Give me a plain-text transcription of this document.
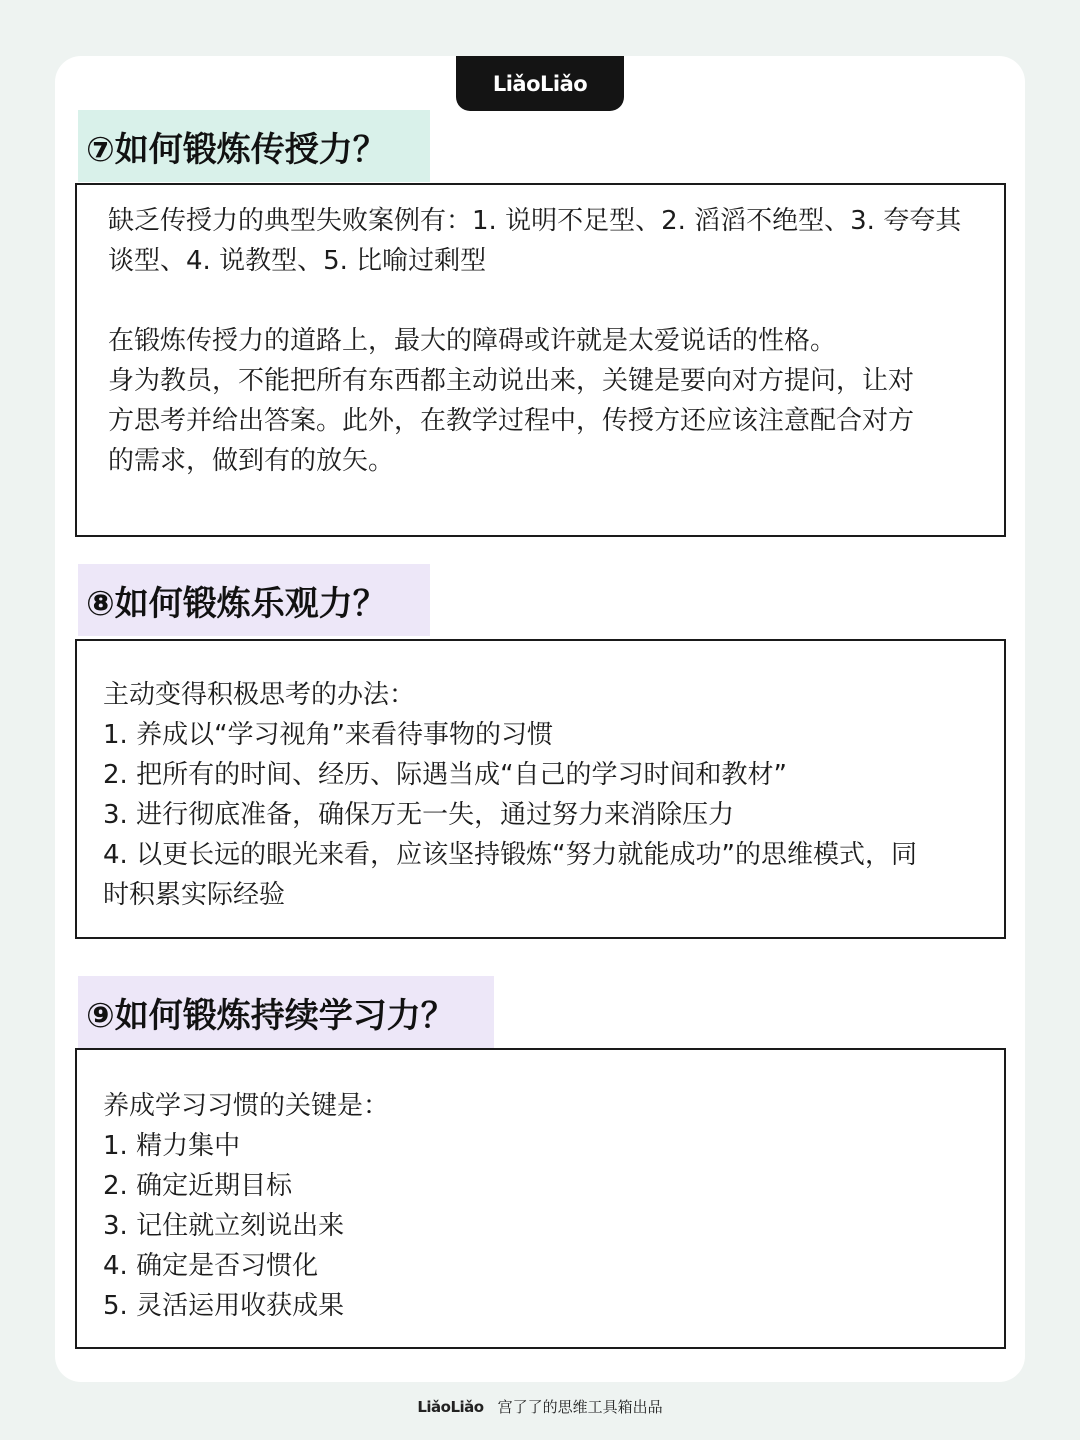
LiǎoLiǎo
⑦如何锻炼传授力？

缺乏传授力的典型失败案例有：1. 说明不足型、2. 滔滔不绝型、3. 夸夸其

谈型、4. 说教型、5. 比喻过剩型

在锻炼传授力的道路上，最大的障碍或许就是太爱说话的性格。

身为教员，不能把所有东西都主动说出来，关键是要向对方提问，让对

方思考并给出答案。此外，在教学过程中，传授方还应该注意配合对方

的需求，做到有的放矢。

⑧如何锻炼乐观力？

主动变得积极思考的办法：

1. 养成以“学习视角”来看待事物的习惯

2. 把所有的时间、经历、际遇当成“自己的学习时间和教材”

3. 进行彻底准备，确保万无一失，通过努力来消除压力

4. 以更长远的眼光来看，应该坚持锻炼“努力就能成功”的思维模式，同

时积累实际经验

⑨如何锻炼持续学习力？

养成学习习惯的关键是：

1. 精力集中

2. 确定近期目标

3. 记住就立刻说出来

4. 确定是否习惯化

5. 灵活运用收获成果

LiǎoLiǎo 宫了了的思维工具箱出品
